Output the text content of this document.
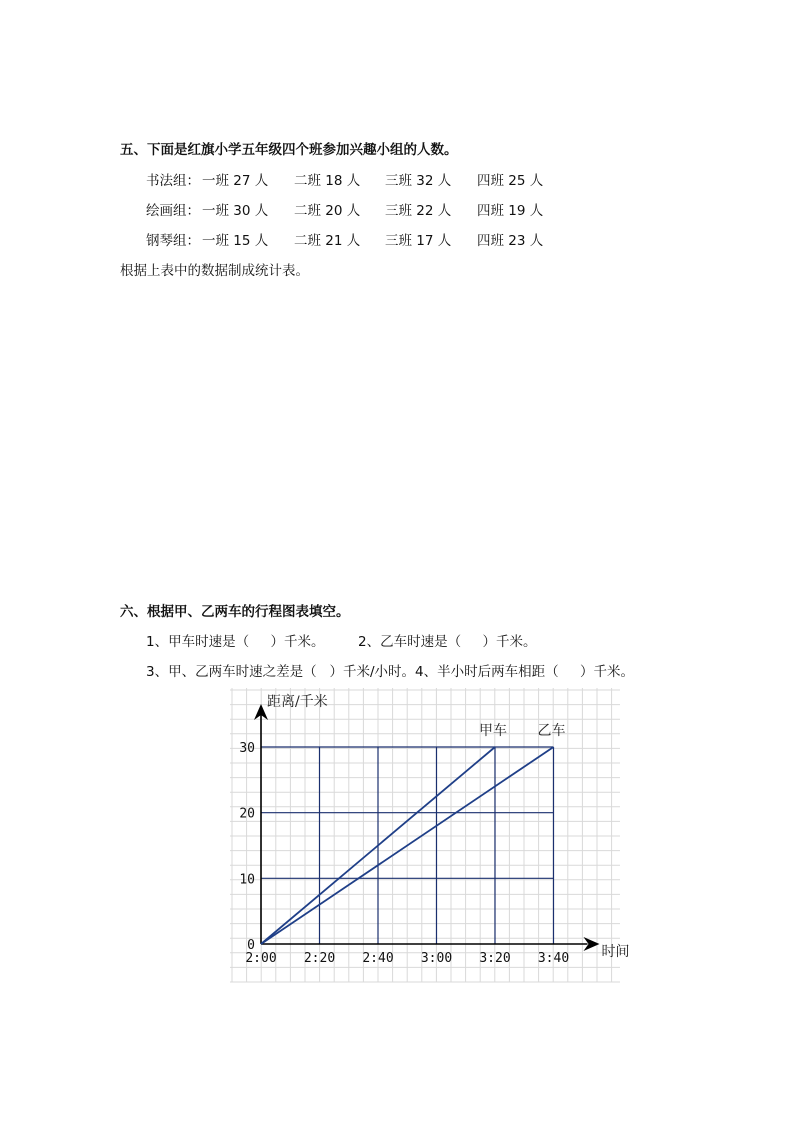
五、下面是红旗小学五年级四个班参加兴趣小组的人数。
书法组： 一班 27 人 二班 18 人 三班 32 人 四班 25 人
绘画组： 一班 30 人 二班 20 人 三班 22 人 四班 19 人
钢琴组： 一班 15 人 二班 21 人 三班 17 人 四班 23 人
根据上表中的数据制成统计表。
六、根据甲、乙两车的行程图表填空。
1、甲车时速是（     ）千米。 2、乙车时速是（     ）千米。
3、甲、乙两车时速之差是（   ）千米/小时。4、半小时后两车相距（     ）千米。
甲车 乙车
0
10
20
30
2:00 2:20 2:40 3:00 3:20 3:40
距离/千米
时间
